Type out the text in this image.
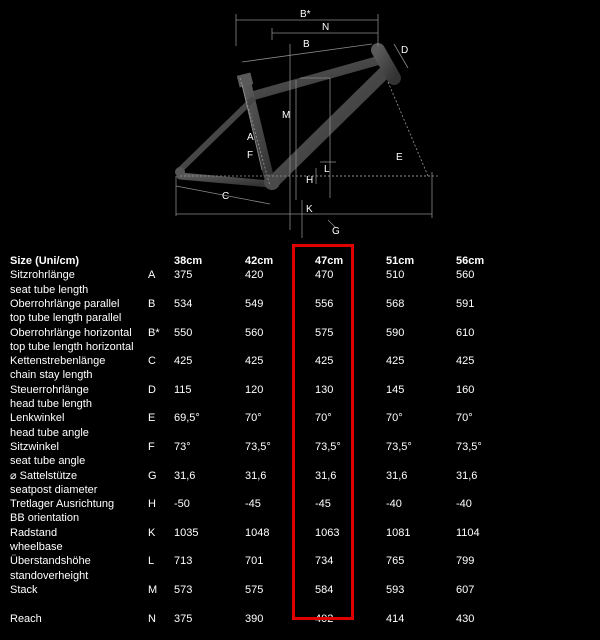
B*
N
B
D
M
A
F	E
C
H
L
K
G
Size (Uni/cm)	38cm	42cm	47cm	51cm	56cm
Sitzrohrlänge
seat tube length
A 375	420	470	510	560
Oberrohrlänge parallel
top tube length parallel
B 534	549	556	568	591
Oberrohrlänge horizontal
top tube length horizontal
B* 550	560	575	590	610
Kettenstrebenlänge
chain stay length
C 425	425	425	425	425
Steuerrohrlänge
head tube length
D 115	120	130	145	160
Lenkwinkel
head tube angle
E 69,5°	70°	70°	70°	70°
Sitzwinkel
seat tube angle
F 73°	73,5°	73,5°	73,5°	73,5°
⌀ Sattelstütze
seatpost diameter
G 31,6	31,6	31,6	31,6	31,6
Tretlager Ausrichtung
BB orientation
H -50	-45	-45	-40	-40
Radstand
wheelbase
K 1035	1048	1063	1081	1104
Überstandshöhe
standoverheight
L 713	701	734	765	799
Stack	M 573	575	584	593	607
Reach	N 375	390	402	414	430
